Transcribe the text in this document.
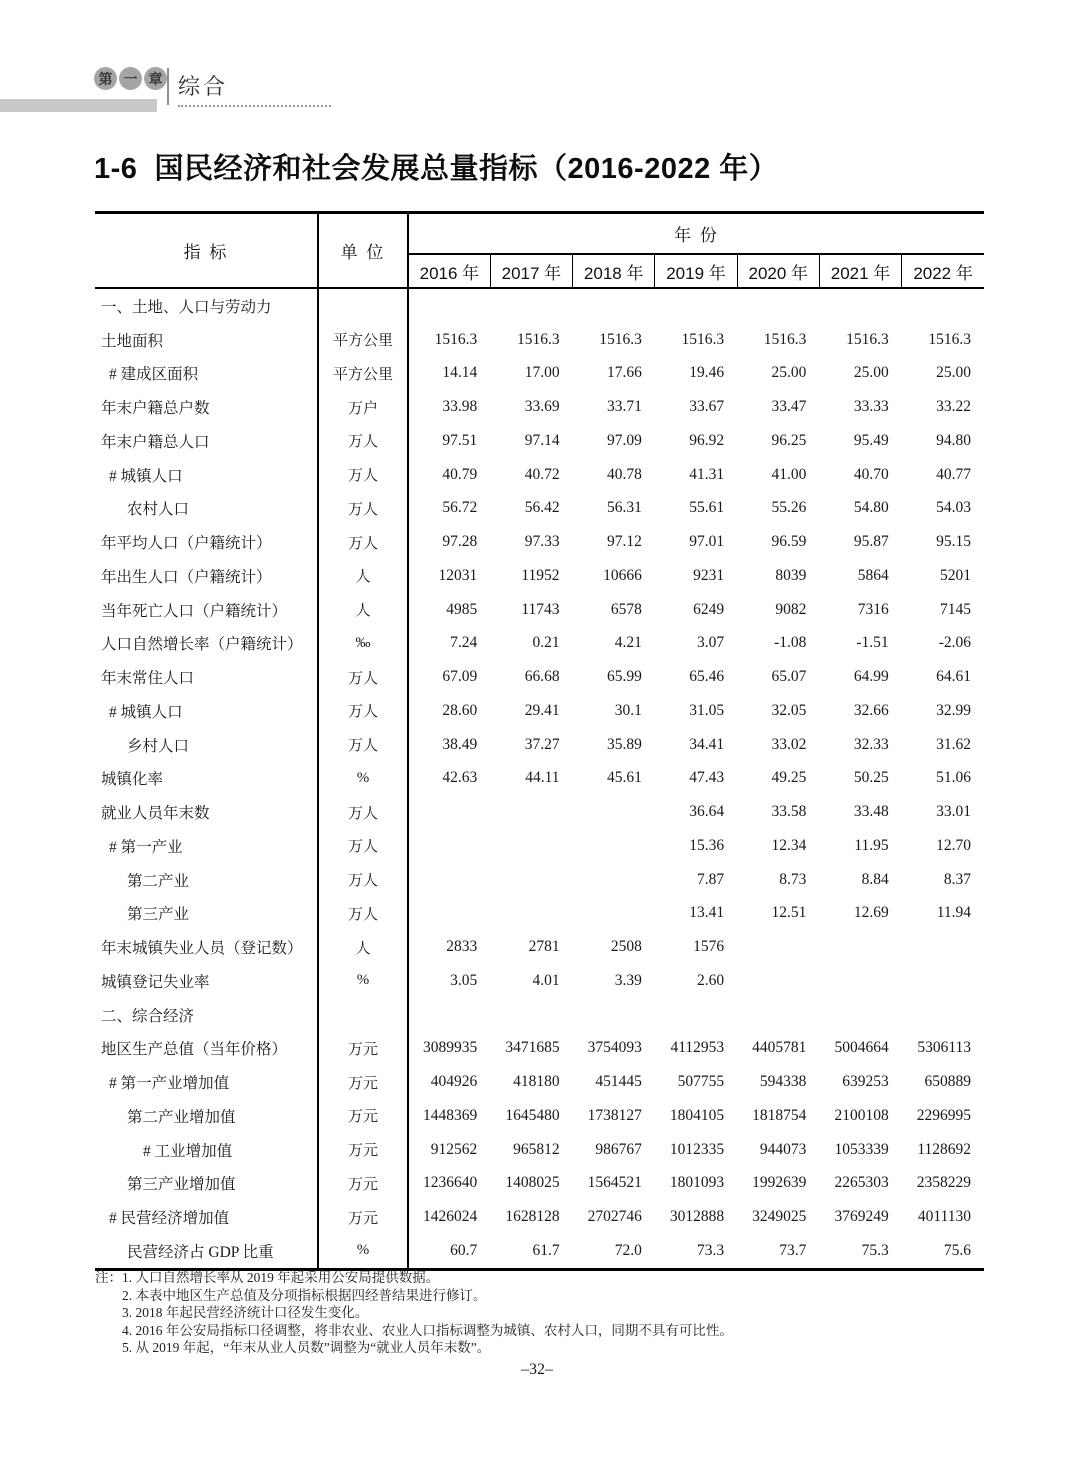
第 一 章 综合
1-6  国民经济和社会发展总量指标（2016-2022 年）
指 标	单 位	年 份						
		2016 年	2017 年	2018 年	2019 年	2020 年	2021 年	2022 年
一、土地、人口与劳动力								
土地面积	平方公里	1516.3	1516.3	1516.3	1516.3	1516.3	1516.3	1516.3
# 建成区面积	平方公里	14.14	17.00	17.66	19.46	25.00	25.00	25.00
年末户籍总户数	万户	33.98	33.69	33.71	33.67	33.47	33.33	33.22
年末户籍总人口	万人	97.51	97.14	97.09	96.92	96.25	95.49	94.80
# 城镇人口	万人	40.79	40.72	40.78	41.31	41.00	40.70	40.77
农村人口	万人	56.72	56.42	56.31	55.61	55.26	54.80	54.03
年平均人口（户籍统计）	万人	97.28	97.33	97.12	97.01	96.59	95.87	95.15
年出生人口（户籍统计）	人	12031	11952	10666	9231	8039	5864	5201
当年死亡人口（户籍统计）	人	4985	11743	6578	6249	9082	7316	7145
人口自然增长率（户籍统计）	‰	7.24	0.21	4.21	3.07	-1.08	-1.51	-2.06
年末常住人口	万人	67.09	66.68	65.99	65.46	65.07	64.99	64.61
# 城镇人口	万人	28.60	29.41	30.1	31.05	32.05	32.66	32.99
乡村人口	万人	38.49	37.27	35.89	34.41	33.02	32.33	31.62
城镇化率	%	42.63	44.11	45.61	47.43	49.25	50.25	51.06
就业人员年末数	万人				36.64	33.58	33.48	33.01
# 第一产业	万人				15.36	12.34	11.95	12.70
第二产业	万人				7.87	8.73	8.84	8.37
第三产业	万人				13.41	12.51	12.69	11.94
年末城镇失业人员（登记数）	人	2833	2781	2508	1576			
城镇登记失业率	%	3.05	4.01	3.39	2.60			
二、综合经济								
地区生产总值（当年价格）	万元	3089935	3471685	3754093	4112953	4405781	5004664	5306113
# 第一产业增加值	万元	404926	418180	451445	507755	594338	639253	650889
第二产业增加值	万元	1448369	1645480	1738127	1804105	1818754	2100108	2296995
# 工业增加值	万元	912562	965812	986767	1012335	944073	1053339	1128692
第三产业增加值	万元	1236640	1408025	1564521	1801093	1992639	2265303	2358229
# 民营经济增加值	万元	1426024	1628128	2702746	3012888	3249025	3769249	4011130
民营经济占 GDP 比重	%	60.7	61.7	72.0	73.3	73.7	75.3	75.6
注： 1. 人口自然增长率从 2019 年起采用公安局提供数据。
2. 本表中地区生产总值及分项指标根据四经普结果进行修订。
3. 2018 年起民营经济统计口径发生变化。
4. 2016 年公安局指标口径调整，将非农业、农业人口指标调整为城镇、农村人口，同期不具有可比性。
5. 从 2019 年起，“年末从业人员数”调整为“就业人员年末数”。
–32–
